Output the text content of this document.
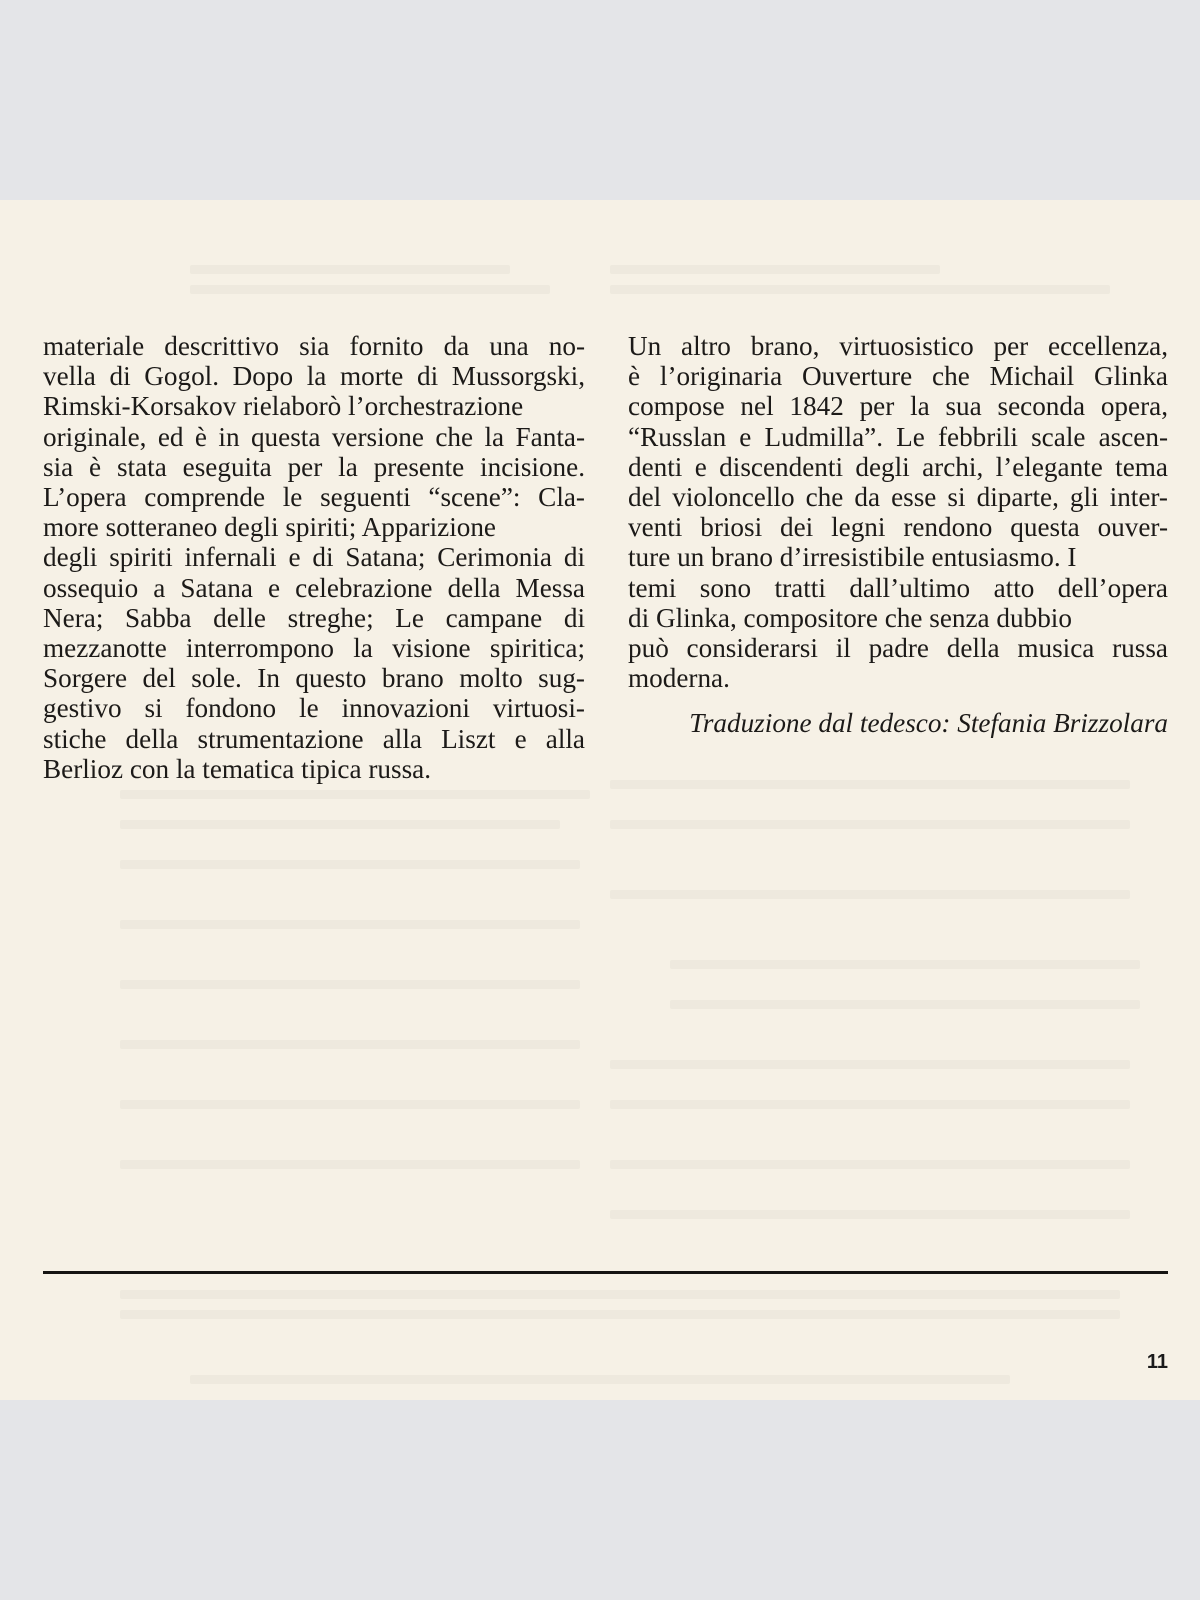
materiale descrittivo sia fornito da una no-
vella di Gogol. Dopo la morte di Mussorgski,
Rimski-Korsakov rielaborò l’orchestrazione
originale, ed è in questa versione che la Fanta-
sia è stata eseguita per la presente incisione.
L’opera comprende le seguenti “scene”: Cla-
more sotteraneo degli spiriti; Apparizione
degli spiriti infernali e di Satana; Cerimonia di
ossequio a Satana e celebrazione della Messa
Nera; Sabba delle streghe; Le campane di
mezzanotte interrompono la visione spiritica;
Sorgere del sole. In questo brano molto sug-
gestivo si fondono le innovazioni virtuosi-
stiche della strumentazione alla Liszt e alla
Berlioz con la tematica tipica russa.
Un altro brano, virtuosistico per eccellenza,
è l’originaria Ouverture che Michail Glinka
compose nel 1842 per la sua seconda opera,
“Russlan e Ludmilla”. Le febbrili scale ascen-
denti e discendenti degli archi, l’elegante tema
del violoncello che da esse si diparte, gli inter-
venti briosi dei legni rendono questa ouver-
ture un brano d’irresistibile entusiasmo. I
temi sono tratti dall’ultimo atto dell’opera
di Glinka, compositore che senza dubbio
può considerarsi il padre della musica russa
moderna.
Traduzione dal tedesco: Stefania Brizzolara
11
